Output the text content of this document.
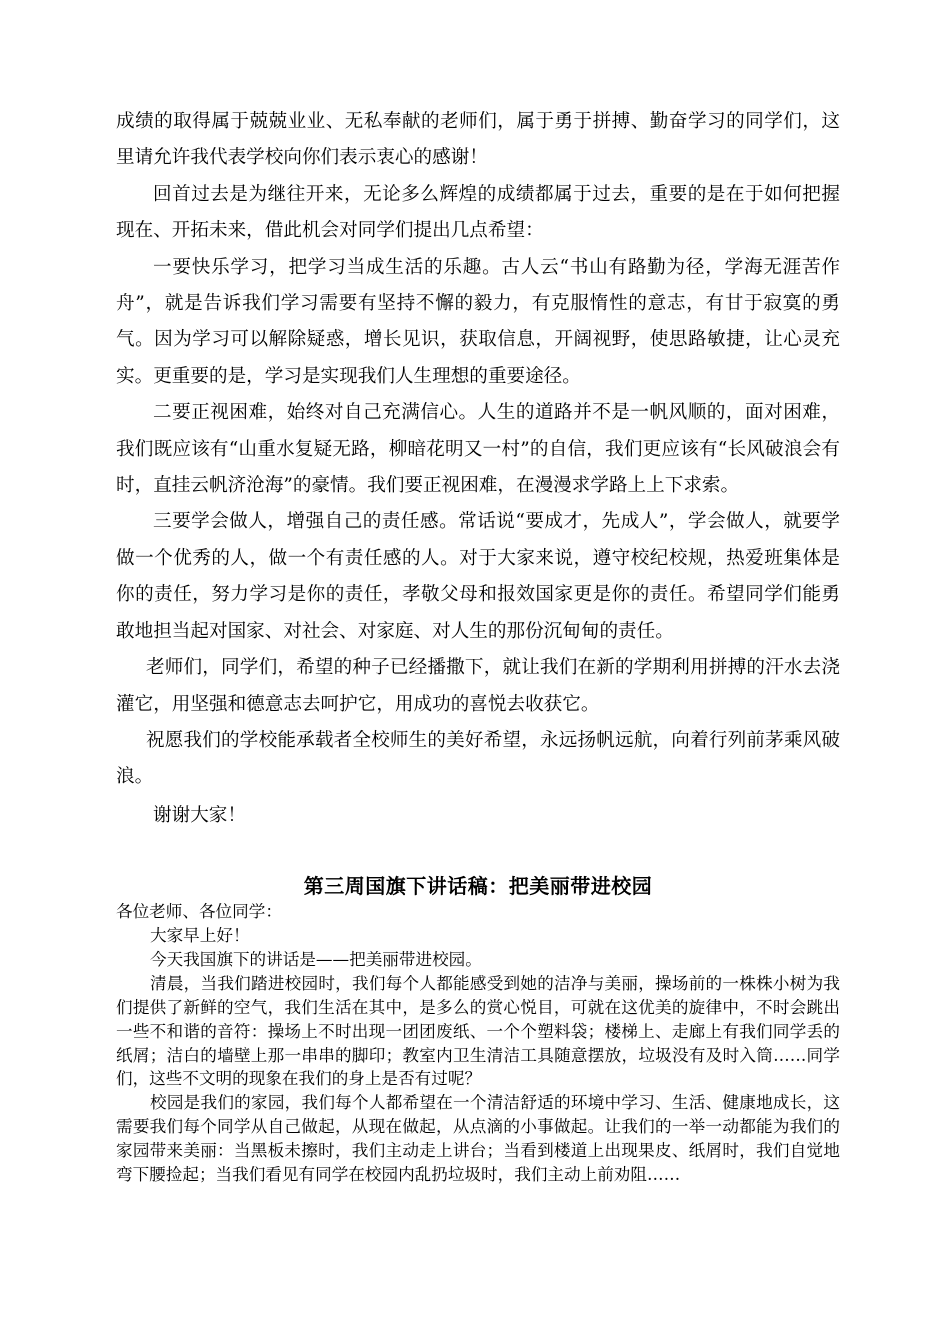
成绩的取得属于兢兢业业、无私奉献的老师们，属于勇于拼搏、勤奋学习的同学们，这里请允许我代表学校向你们表示衷心的感谢！

回首过去是为继往开来，无论多么辉煌的成绩都属于过去，重要的是在于如何把握现在、开拓未来，借此机会对同学们提出几点希望：

一要快乐学习，把学习当成生活的乐趣。古人云“书山有路勤为径，学海无涯苦作舟”，就是告诉我们学习需要有坚持不懈的毅力，有克服惰性的意志，有甘于寂寞的勇气。因为学习可以解除疑惑，增长见识，获取信息，开阔视野，使思路敏捷，让心灵充实。更重要的是，学习是实现我们人生理想的重要途径。

二要正视困难，始终对自己充满信心。人生的道路并不是一帆风顺的，面对困难，我们既应该有“山重水复疑无路，柳暗花明又一村”的自信，我们更应该有“长风破浪会有时，直挂云帆济沧海”的豪情。我们要正视困难，在漫漫求学路上上下求索。

三要学会做人，增强自己的责任感。常话说“要成才，先成人”，学会做人，就要学做一个优秀的人，做一个有责任感的人。对于大家来说，遵守校纪校规，热爱班集体是你的责任，努力学习是你的责任，孝敬父母和报效国家更是你的责任。希望同学们能勇敢地担当起对国家、对社会、对家庭、对人生的那份沉甸甸的责任。

老师们，同学们，希望的种子已经播撒下，就让我们在新的学期利用拼搏的汗水去浇灌它，用坚强和德意志去呵护它，用成功的喜悦去收获它。

祝愿我们的学校能承载者全校师生的美好希望，永远扬帆远航，向着行列前茅乘风破浪。

谢谢大家！

第三周国旗下讲话稿：把美丽带进校园

各位老师、各位同学：

大家早上好！

今天我国旗下的讲话是——把美丽带进校园。

清晨，当我们踏进校园时，我们每个人都能感受到她的洁净与美丽，操场前的一株株小树为我们提供了新鲜的空气，我们生活在其中，是多么的赏心悦目，可就在这优美的旋律中，不时会跳出一些不和谐的音符：操场上不时出现一团团废纸、一个个塑料袋；楼梯上、走廊上有我们同学丢的纸屑；洁白的墙壁上那一串串的脚印；教室内卫生清洁工具随意摆放，垃圾没有及时入筒……同学们，这些不文明的现象在我们的身上是否有过呢？

校园是我们的家园，我们每个人都希望在一个清洁舒适的环境中学习、生活、健康地成长，这需要我们每个同学从自己做起，从现在做起，从点滴的小事做起。让我们的一举一动都能为我们的家园带来美丽：当黑板未擦时，我们主动走上讲台；当看到楼道上出现果皮、纸屑时，我们自觉地弯下腰捡起；当我们看见有同学在校园内乱扔垃圾时，我们主动上前劝阻……
